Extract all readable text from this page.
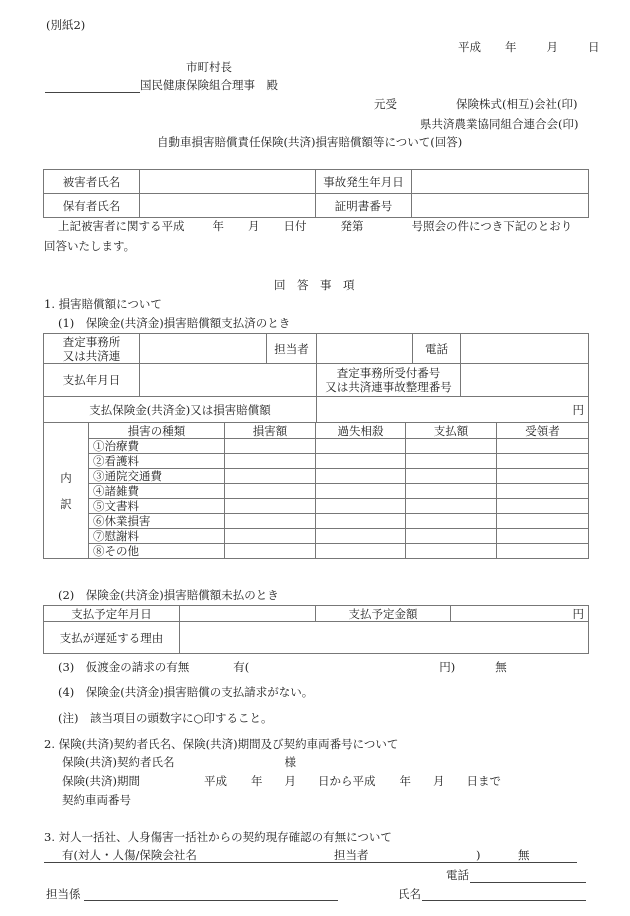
(別紙2)
平成 年	月	日
市町村長
国民健康保険組合理事　殿
元受	保険株式(相互)会社(印)
県共済農業協同組合連合会(印)
自動車損害賠償責任保険(共済)損害賠償額等について(回答)
被害者氏名		事故発生年月日	
保有者氏名		証明書番号	
上記被害者に関する平成 年 月 日付	発第	号照会の件につき下記のとおり
回答いたします。
回　答　事　項
1. 損害賠償額について
(1)　保険金(共済金)損害賠償額支払済のとき
査定事務所
又は共済連		担当者		電話	
支払年月日			査定事務所受付番号
又は共済連事故整理番号		

支払保険金(共済金)又は損害賠償額			円		
内
訳	損害の種類	損害額	過失相殺	支払額	受領者
	①治療費				
	②看護料				
	③通院交通費				
	④諸雑費				
	⑤文書料				
	⑥休業損害				
	⑦慰謝料				
	⑧その他				
(2)　保険金(共済金)損害賠償額未払のとき
支払予定年月日		支払予定金額	円
支払が遅延する理由			
(3)　仮渡金の請求の有無	有(	円)	無
(4)　保険金(共済金)損害賠償の支払請求がない。
(注)　該当項目の頭数字に○印すること。
2. 保険(共済)契約者氏名、保険(共済)期間及び契約車両番号について
保険(共済)契約者氏名	様
保険(共済)期間	平成 年 月 日から平成 年 月 日まで
契約車両番号
3. 対人一括社、人身傷害一括社からの契約現存確認の有無について
有(対人・人傷/保険会社名	担当者	)	無
電話
担当係	氏名
